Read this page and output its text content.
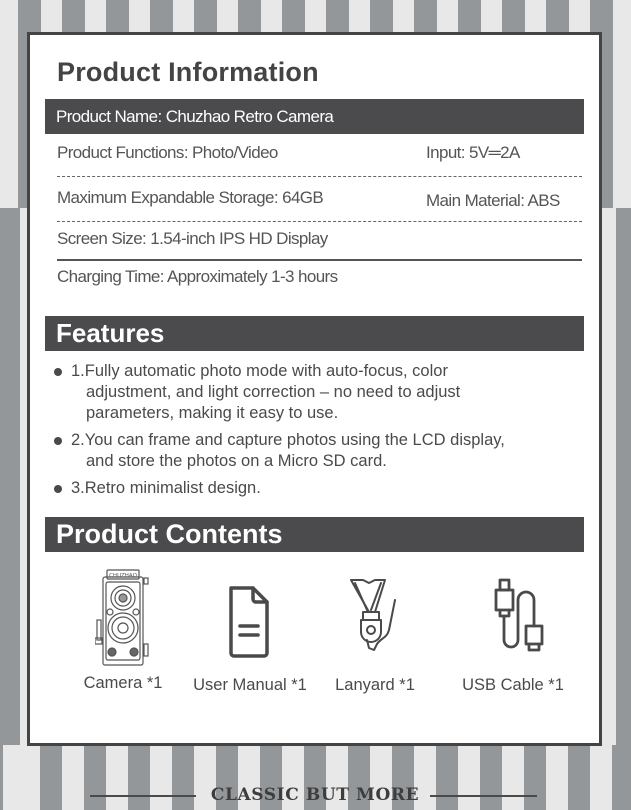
Product Information
Product Name: Chuzhao Retro Camera
Product Functions: Photo/Video	Input: 5V═2A
Maximum Expandable Storage: 64GB	Main Material: ABS
Screen Size: 1.54-inch IPS HD Display
Charging Time: Approximately 1-3 hours
Features
1.Fully automatic photo mode with auto-focus, color
adjustment, and light correction – no need to adjust
parameters, making it easy to use.
2.You can frame and capture photos using the LCD display,
and store the photos on a Micro SD card.
3.Retro minimalist design.
Product Contents
CHUZHAO
Camera *1	User Manual *1	Lanyard *1	USB Cable *1
CLASSIC BUT MORE
